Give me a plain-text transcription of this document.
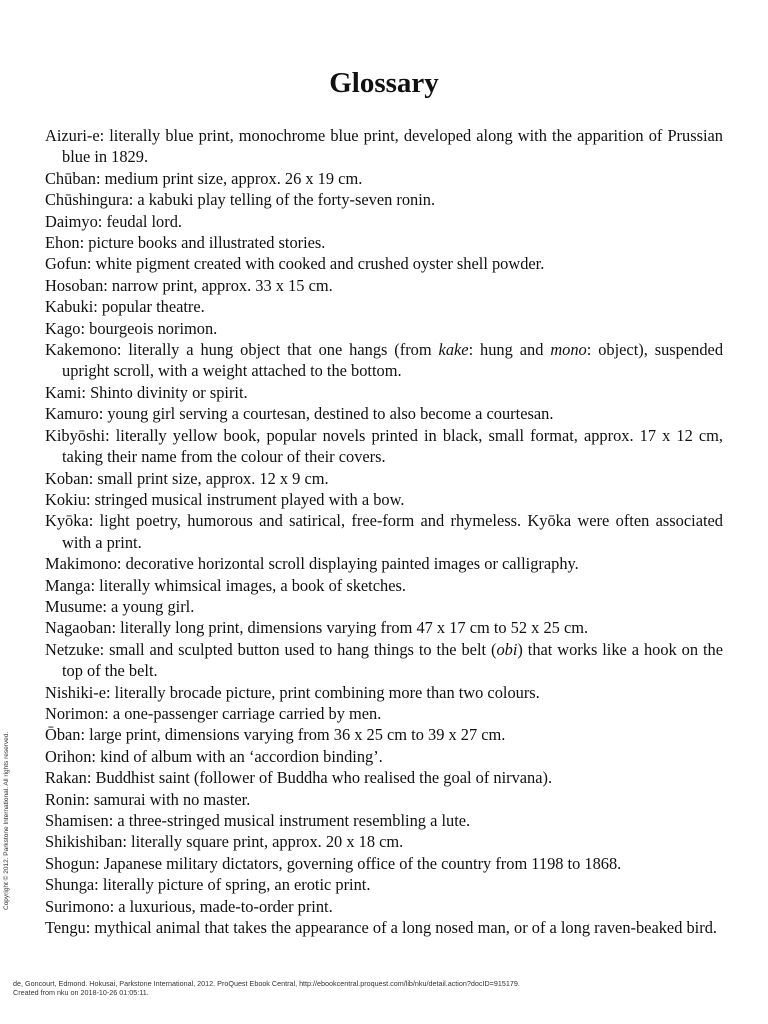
Glossary
Aizuri-e: literally blue print, monochrome blue print, developed along with the apparition of Prussian blue in 1829.
Chūban: medium print size, approx. 26 x 19 cm.
Chūshingura: a kabuki play telling of the forty-seven ronin.
Daimyo: feudal lord.
Ehon: picture books and illustrated stories.
Gofun: white pigment created with cooked and crushed oyster shell powder.
Hosoban: narrow print, approx. 33 x 15 cm.
Kabuki: popular theatre.
Kago: bourgeois norimon.
Kakemono: literally a hung object that one hangs (from kake: hung and mono: object), suspended upright scroll, with a weight attached to the bottom.
Kami: Shinto divinity or spirit.
Kamuro: young girl serving a courtesan, destined to also become a courtesan.
Kibyōshi: literally yellow book, popular novels printed in black, small format, approx. 17 x 12 cm, taking their name from the colour of their covers.
Koban: small print size, approx. 12 x 9 cm.
Kokiu: stringed musical instrument played with a bow.
Kyōka: light poetry, humorous and satirical, free-form and rhymeless. Kyōka were often associated with a print.
Makimono: decorative horizontal scroll displaying painted images or calligraphy.
Manga: literally whimsical images, a book of sketches.
Musume: a young girl.
Nagaoban: literally long print, dimensions varying from 47 x 17 cm to 52 x 25 cm.
Netzuke: small and sculpted button used to hang things to the belt (obi) that works like a hook on the top of the belt.
Nishiki-e: literally brocade picture, print combining more than two colours.
Norimon: a one-passenger carriage carried by men.
Ōban: large print, dimensions varying from 36 x 25 cm to 39 x 27 cm.
Orihon: kind of album with an ‘accordion binding’.
Rakan: Buddhist saint (follower of Buddha who realised the goal of nirvana).
Ronin: samurai with no master.
Shamisen: a three-stringed musical instrument resembling a lute.
Shikishiban: literally square print, approx. 20 x 18 cm.
Shogun: Japanese military dictators, governing office of the country from 1198 to 1868.
Shunga: literally picture of spring, an erotic print.
Surimono: a luxurious, made-to-order print.
Tengu: mythical animal that takes the appearance of a long nosed man, or of a long raven-beaked bird.
Copyright © 2012. Parkstone International. All rights reserved.
de, Goncourt, Edmond. Hokusai, Parkstone International, 2012. ProQuest Ebook Central, http://ebookcentral.proquest.com/lib/nku/detail.action?docID=915179.
Created from nku on 2018-10-26 01:05:11.
